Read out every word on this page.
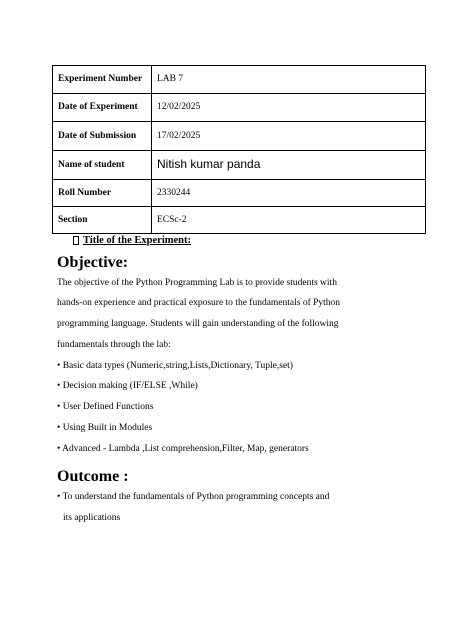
Experiment Number	LAB 7
Date of Experiment	12/02/2025
Date of Submission	17/02/2025
Name of student	Nitish kumar panda
Roll Number	2330244
Section	ECSc-2
Title of the Experiment:
Objective:
The objective of the Python Programming Lab is to provide students with
hands-on experience and practical exposure to the fundamentals of Python
programming language. Students will gain understanding of the following
fundamentals through the lab:
• Basic data types (Numeric,string,Lists,Dictionary, Tuple,set)
• Decision making (IF/ELSE ,While)
• User Defined Functions
• Using Built in Modules
• Advanced - Lambda ,List comprehension,Filter, Map, generators
Outcome :
• To understand the fundamentals of Python programming concepts and
its applications
